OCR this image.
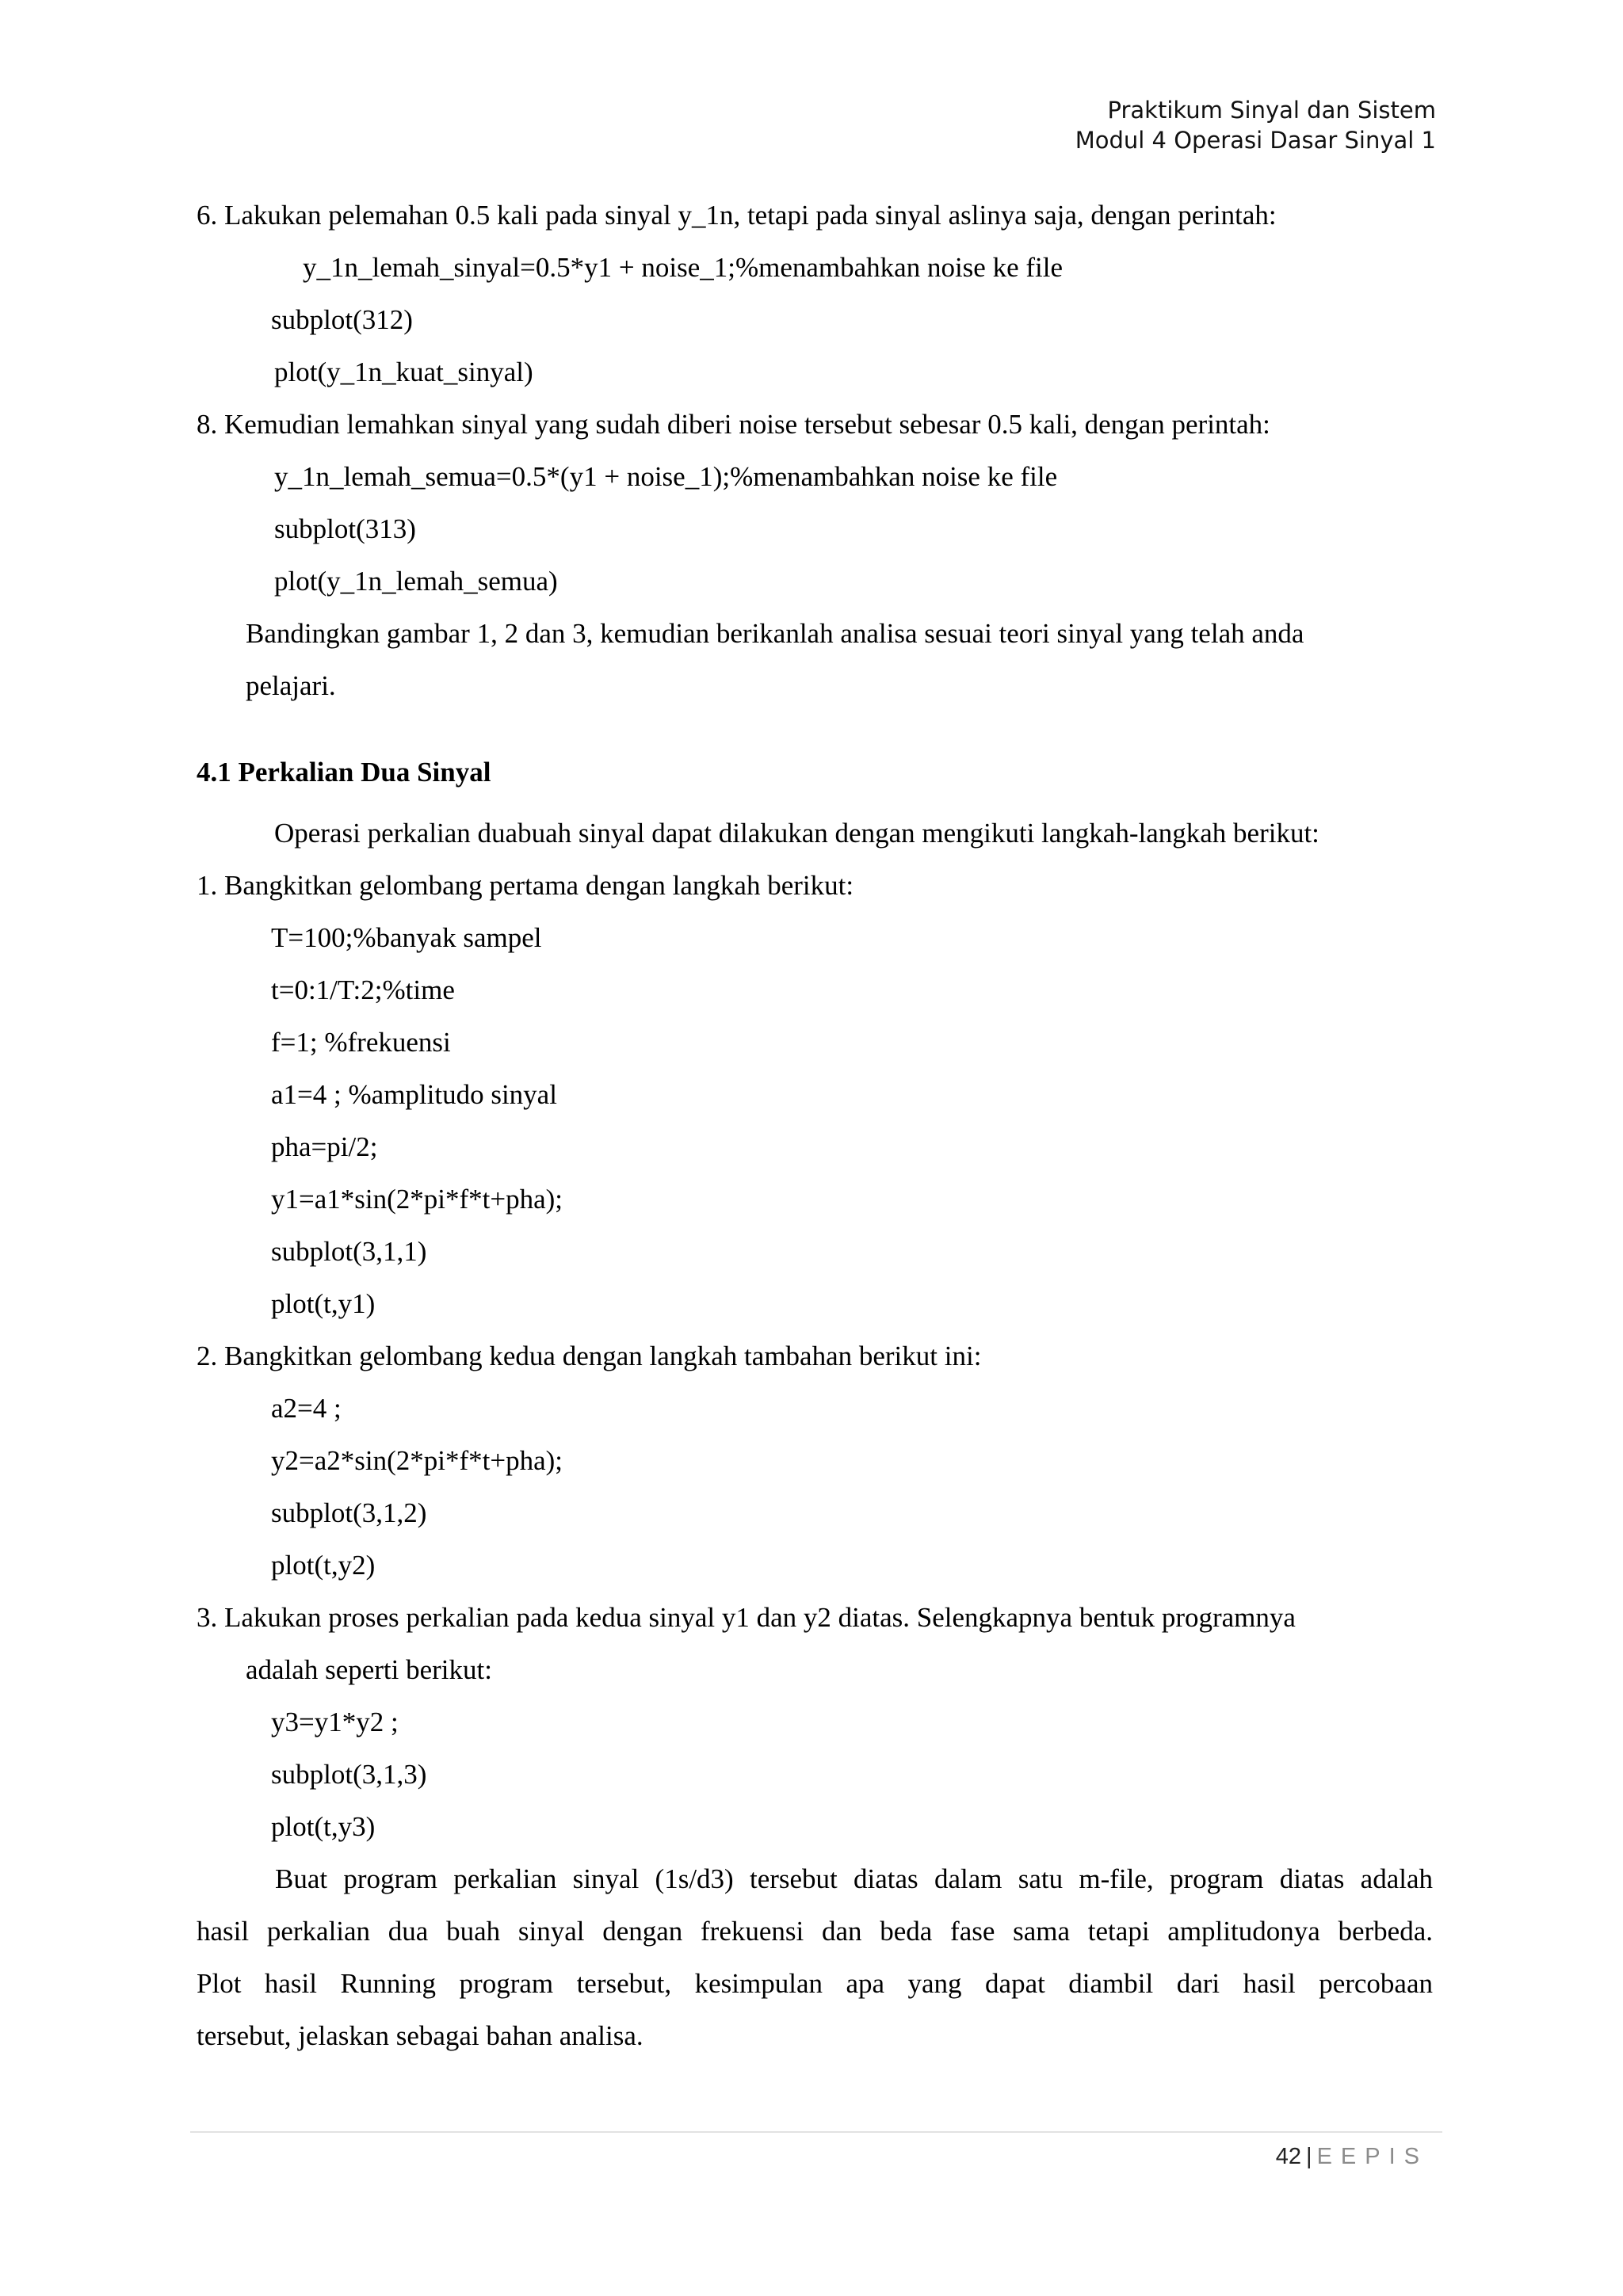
Praktikum Sinyal dan Sistem
Modul 4 Operasi Dasar Sinyal 1
6. Lakukan pelemahan 0.5 kali pada sinyal y_1n, tetapi pada sinyal aslinya saja, dengan perintah:
y_1n_lemah_sinyal=0.5*y1 + noise_1;%menambahkan noise ke file
subplot(312)
plot(y_1n_kuat_sinyal)
8. Kemudian lemahkan sinyal yang sudah diberi noise tersebut sebesar 0.5 kali, dengan perintah:
y_1n_lemah_semua=0.5*(y1 + noise_1);%menambahkan noise ke file
subplot(313)
plot(y_1n_lemah_semua)
Bandingkan gambar 1, 2 dan 3, kemudian berikanlah analisa sesuai teori sinyal yang telah anda
pelajari.
4.1 Perkalian Dua Sinyal
Operasi perkalian duabuah sinyal dapat dilakukan dengan mengikuti langkah-langkah berikut:
1. Bangkitkan gelombang pertama dengan langkah berikut:
T=100;%banyak sampel
t=0:1/T:2;%time
f=1; %frekuensi
a1=4 ; %amplitudo sinyal
pha=pi/2;
y1=a1*sin(2*pi*f*t+pha);
subplot(3,1,1)
plot(t,y1)
2. Bangkitkan gelombang kedua dengan langkah tambahan berikut ini:
a2=4 ;
y2=a2*sin(2*pi*f*t+pha);
subplot(3,1,2)
plot(t,y2)
3. Lakukan proses perkalian pada kedua sinyal y1 dan y2 diatas. Selengkapnya bentuk programnya
adalah seperti berikut:
y3=y1*y2 ;
subplot(3,1,3)
plot(t,y3)

Buat program perkalian sinyal (1s/d3) tersebut diatas dalam satu m-file, program diatas adalah

hasil perkalian dua buah sinyal dengan frekuensi dan beda fase sama tetapi amplitudonya berbeda.

Plot hasil Running program tersebut, kesimpulan apa yang dapat diambil dari hasil percobaan

tersebut, jelaskan sebagai bahan analisa.

42 | EEPIS
